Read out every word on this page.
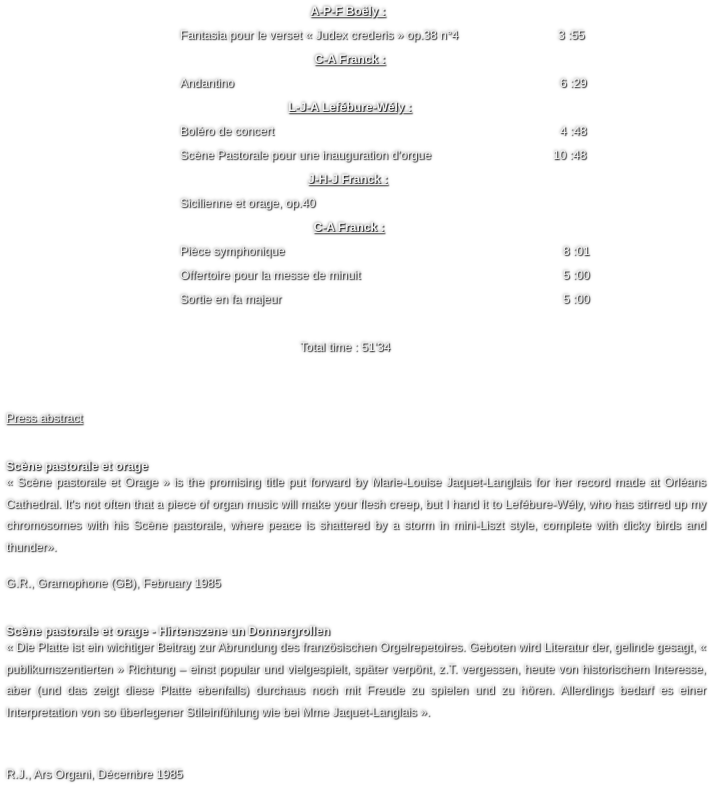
A-P-F Boëly :
Fantasia pour le verset « Judex crederis » op.38 n°4	3 :55
C-A Franck :
Andantino	6 :29
L-J-A Lefébure-Wély :
Boléro de concert	4 :48
Scène Pastorale pour une inauguration d'orgue	10 :48
J-H-J Franck :
Sicilienne et orage, op.40
C-A Franck :
Pièce symphonique	8 :01
Offertoire pour la messe de minuit	5 :00
Sortie en fa majeur	5 :00
Total time : 51'34
Press abstract
Scène pastorale et orage
« Scène pastorale et Orage » is the promising title put forward by Marie-Louise Jaquet-Langlais for her record made at Orléans Cathedral. It's not often that a piece of organ music will make your flesh creep, but I hand it to Lefébure-Wély, who has stirred up my chromosomes with his Scène pastorale, where peace is shattered by a storm in mini-Liszt style, complete with dicky birds and thunder».
G.R., Gramophone (GB), February 1985
Scène pastorale et orage - Hirtenszene un Donnergrollen
« Die Platte ist ein wichtiger Beitrag zur Abrundung des französischen Orgelrepetoires. Geboten wird Literatur der, gelinde gesagt, « publikumszentierten » Richtung – einst popular und vielgespielt, später verpönt, z.T. vergessen, heute von historischem Interesse, aber (und das zeigt diese Platte ebenfalls) durchaus noch mit Freude zu spielen und zu hören. Allerdings bedarf es einer Interpretation von so überlegener Stileinfühlung wie bei Mme Jaquet-Langlais ».
R.J., Ars Organi, Décembre 1985
